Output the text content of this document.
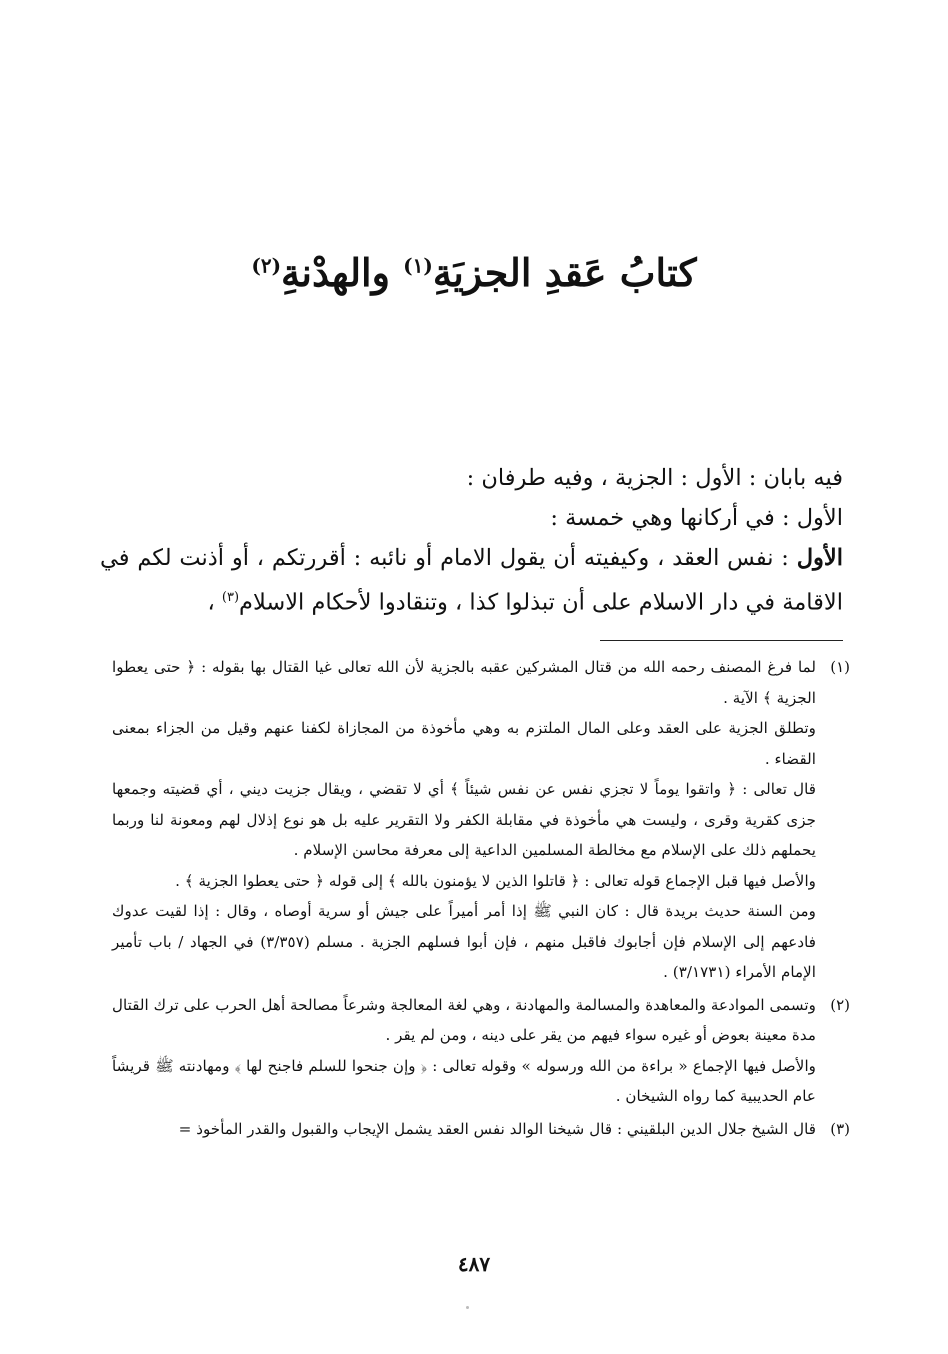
كتابُ عَقدِ الجزيَةِ$^{(١)}$ والهدْنةِ$^{(٢)}$

فيه بابان : الأول : الجزية ، وفيه طرفان :

الأول : في أركانها وهي خمسة :

الأول : نفس العقد ، وكيفيته أن يقول الامام أو نائبه : أقررتكم ، أو أذنت لكم في الاقامة في دار الاسلام على أن تبذلوا كذا ، وتنقادوا لأحكام الاسلام$^{(٣)}$ ،

(١)

لما فرغ المصنف رحمه الله من قتال المشركين عقبه بالجزية لأن الله تعالى غيا القتال بها بقوله : ﴿ حتى يعطوا الجزية ﴾ الآية .

وتطلق الجزية على العقد وعلى المال الملتزم به وهي مأخوذة من المجازاة لكفنا عنهم وقيل من الجزاء بمعنى القضاء .

قال تعالى : ﴿ واتقوا يوماً لا تجزي نفس عن نفس شيئاً ﴾ أي لا تقضي ، ويقال جزيت ديني ، أي قضيته وجمعها جزى كقرية وقرى ، وليست هي مأخوذة في مقابلة الكفر ولا التقرير عليه بل هو نوع إذلال لهم ومعونة لنا وربما يحملهم ذلك على الإسلام مع مخالطة المسلمين الداعية إلى معرفة محاسن الإسلام .

والأصل فيها قبل الإجماع قوله تعالى : ﴿ قاتلوا الذين لا يؤمنون بالله ﴾ إلى قوله ﴿ حتى يعطوا الجزية ﴾ .

ومن السنة حديث بريدة قال : كان النبي ﷺ إذا أمر أميراً على جيش أو سرية أوصاه ، وقال : إذا لقيت عدوك فادعهم إلى الإسلام فإن أجابوك فاقبل منهم ، فإن أبوا فسلهم الجزية . مسلم (٣/٣٥٧) في الجهاد / باب تأمير الإمام الأمراء (٣/١٧٣١) .

(٢)

وتسمى الموادعة والمعاهدة والمسالمة والمهادنة ، وهي لغة المعالجة وشرعاً مصالحة أهل الحرب على ترك القتال مدة معينة بعوض أو غيره سواء فيهم من يقر على دينه ، ومن لم يقر .

والأصل فيها الإجماع « براءة من الله ورسوله » وقوله تعالى : ﴿ وإن جنحوا للسلم فاجنح لها ﴾ ومهادنته ﷺ قريشاً عام الحديبية كما رواه الشيخان .

(٣)

قال الشيخ جلال الدين البلقيني : قال شيخنا الوالد نفس العقد يشمل الإيجاب والقبول والقدر المأخوذ =

٤٨٧
